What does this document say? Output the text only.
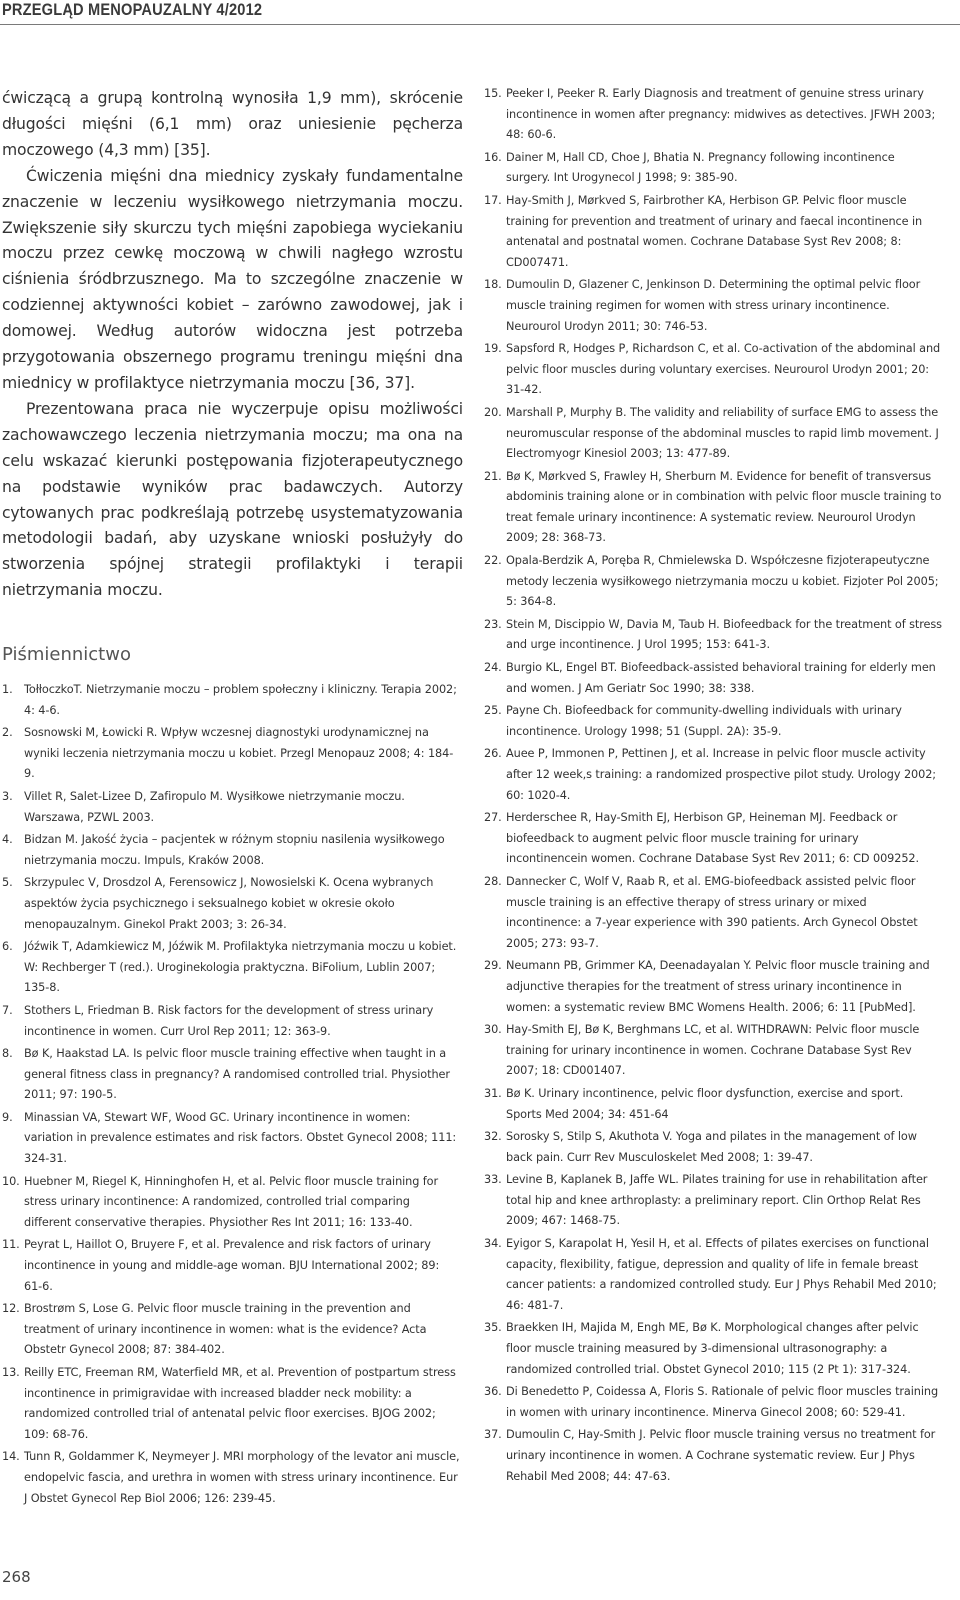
PRZEGLĄD MENOPAUZALNY 4/2012

ćwiczącą a grupą kontrolną wynosiła 1,9 mm), skrócenie długości mięśni (6,1 mm) oraz uniesienie pęcherza moczowego (4,3 mm) [35].

Ćwiczenia mięśni dna miednicy zyskały fundamentalne znaczenie w leczeniu wysiłkowego nietrzymania moczu. Zwiększenie siły skurczu tych mięśni zapobiega wyciekaniu moczu przez cewkę moczową w chwili nagłego wzrostu ciśnienia śródbrzusznego. Ma to szczególne znaczenie w codziennej aktywności kobiet – zarówno zawodowej, jak i domowej. Według autorów widoczna jest potrzeba przygotowania obszernego programu treningu mięśni dna miednicy w profilaktyce nietrzymania moczu [36, 37].

Prezentowana praca nie wyczerpuje opisu możliwości zachowawczego leczenia nietrzymania moczu; ma ona na celu wskazać kierunki postępowania fizjoterapeutycznego na podstawie wyników prac badawczych. Autorzy cytowanych prac podkreślają potrzebę usystematyzowania metodologii badań, aby uzyskane wnioski posłużyły do stworzenia spójnej strategii profilaktyki i terapii nietrzymania moczu.

Piśmiennictwo
1. TołłoczkoT. Nietrzymanie moczu – problem społeczny i kliniczny. Terapia 2002; 4: 4-6.
2. Sosnowski M, Łowicki R. Wpływ wczesnej diagnostyki urodynamicznej na wyniki leczenia nietrzymania moczu u kobiet. Przegl Menopauz 2008; 4: 184-9.
3. Villet R, Salet-Lizee D, Zafiropulo M. Wysiłkowe nietrzymanie moczu. Warszawa, PZWL 2003.
4. Bidzan M. Jakość życia – pacjentek w różnym stopniu nasilenia wysiłkowego nietrzymania moczu. Impuls, Kraków 2008.
5. Skrzypulec V, Drosdzol A, Ferensowicz J, Nowosielski K. Ocena wybranych aspektów życia psychicznego i seksualnego kobiet w okresie około menopauzalnym. Ginekol Prakt 2003; 3: 26-34.
6. Jóźwik T, Adamkiewicz M, Jóźwik M. Profilaktyka nietrzymania moczu u kobiet. W: Rechberger T (red.). Uroginekologia praktyczna. BiFolium, Lublin 2007; 135-8.
7. Stothers L, Friedman B. Risk factors for the development of stress urinary incontinence in women. Curr Urol Rep 2011; 12: 363-9.
8. Bø K, Haakstad LA. Is pelvic floor muscle training effective when taught in a general fitness class in pregnancy? A randomised controlled trial. Physiother 2011; 97: 190-5.
9. Minassian VA, Stewart WF, Wood GC. Urinary incontinence in women: variation in prevalence estimates and risk factors. Obstet Gynecol 2008; 111: 324-31.
10. Huebner M, Riegel K, Hinninghofen H, et al. Pelvic floor muscle training for stress urinary incontinence: A randomized, controlled trial comparing different conservative therapies. Physiother Res Int 2011; 16: 133-40.
11. Peyrat L, Haillot O, Bruyere F, et al. Prevalence and risk factors of urinary incontinence in young and middle-age woman. BJU International 2002; 89: 61-6.
12. Brostrøm S, Lose G. Pelvic floor muscle training in the prevention and treatment of urinary incontinence in women: what is the evidence? Acta Obstetr Gynecol 2008; 87: 384-402.
13. Reilly ETC, Freeman RM, Waterfield MR, et al. Prevention of postpartum stress incontinence in primigravidae with increased bladder neck mobility: a randomized controlled trial of antenatal pelvic floor exercises. BJOG 2002; 109: 68-76.
14. Tunn R, Goldammer K, Neymeyer J. MRI morphology of the levator ani muscle, endopelvic fascia, and urethra in women with stress urinary incontinence. Eur J Obstet Gynecol Rep Biol 2006; 126: 239-45.
15. Peeker I, Peeker R. Early Diagnosis and treatment of genuine stress urinary incontinence in women after pregnancy: midwives as detectives. JFWH 2003; 48: 60-6.
16. Dainer M, Hall CD, Choe J, Bhatia N. Pregnancy following incontinence surgery. Int Urogynecol J 1998; 9: 385-90.
17. Hay-Smith J, Mørkved S, Fairbrother KA, Herbison GP. Pelvic floor muscle training for prevention and treatment of urinary and faecal incontinence in antenatal and postnatal women. Cochrane Database Syst Rev 2008; 8: CD007471.
18. Dumoulin D, Glazener C, Jenkinson D. Determining the optimal pelvic floor muscle training regimen for women with stress urinary incontinence. Neurourol Urodyn 2011; 30: 746-53.
19. Sapsford R, Hodges P, Richardson C, et al. Co-activation of the abdominal and pelvic floor muscles during voluntary exercises. Neurourol Urodyn 2001; 20: 31-42.
20. Marshall P, Murphy B. The validity and reliability of surface EMG to assess the neuromuscular response of the abdominal muscles to rapid limb movement. J Electromyogr Kinesiol 2003; 13: 477-89.
21. Bø K, Mørkved S, Frawley H, Sherburn M. Evidence for benefit of transversus abdominis training alone or in combination with pelvic floor muscle training to treat female urinary incontinence: A systematic review. Neurourol Urodyn 2009; 28: 368-73.
22. Opala-Berdzik A, Poręba R, Chmielewska D. Współczesne fizjoterapeutyczne metody leczenia wysiłkowego nietrzymania moczu u kobiet. Fizjoter Pol 2005; 5: 364-8.
23. Stein M, Discippio W, Davia M, Taub H. Biofeedback for the treatment of stress and urge incontinence. J Urol 1995; 153: 641-3.
24. Burgio KL, Engel BT. Biofeedback-assisted behavioral training for elderly men and women. J Am Geriatr Soc 1990; 38: 338.
25. Payne Ch. Biofeedback for community-dwelling individuals with urinary incontinence. Urology 1998; 51 (Suppl. 2A): 35-9.
26. Auee P, Immonen P, Pettinen J, et al. Increase in pelvic floor muscle activity after 12 week,s training: a randomized prospective pilot study. Urology 2002; 60: 1020-4.
27. Herderschee R, Hay-Smith EJ, Herbison GP, Heineman MJ. Feedback or biofeedback to augment pelvic floor muscle training for urinary incontinencein women. Cochrane Database Syst Rev 2011; 6: CD 009252.
28. Dannecker C, Wolf V, Raab R, et al. EMG-biofeedback assisted pelvic floor muscle training is an effective therapy of stress urinary or mixed incontinence: a 7-year experience with 390 patients. Arch Gynecol Obstet 2005; 273: 93-7.
29. Neumann PB, Grimmer KA, Deenadayalan Y. Pelvic floor muscle training and adjunctive therapies for the treatment of stress urinary incontinence in women: a systematic review BMC Womens Health. 2006; 6: 11 [PubMed].
30. Hay-Smith EJ, Bø K, Berghmans LC, et al. WITHDRAWN: Pelvic floor muscle training for urinary incontinence in women. Cochrane Database Syst Rev 2007; 18: CD001407.
31. Bø K. Urinary incontinence, pelvic floor dysfunction, exercise and sport. Sports Med 2004; 34: 451-64
32. Sorosky S, Stilp S, Akuthota V. Yoga and pilates in the management of low back pain. Curr Rev Musculoskelet Med 2008; 1: 39-47.
33. Levine B, Kaplanek B, Jaffe WL. Pilates training for use in rehabilitation after total hip and knee arthroplasty: a preliminary report. Clin Orthop Relat Res 2009; 467: 1468-75.
34. Eyigor S, Karapolat H, Yesil H, et al. Effects of pilates exercises on functional capacity, flexibility, fatigue, depression and quality of life in female breast cancer patients: a randomized controlled study. Eur J Phys Rehabil Med 2010; 46: 481-7.
35. Braekken IH, Majida M, Engh ME, Bø K. Morphological changes after pelvic floor muscle training measured by 3-dimensional ultrasonography: a randomized controlled trial. Obstet Gynecol 2010; 115 (2 Pt 1): 317-324.
36. Di Benedetto P, Coidessa A, Floris S. Rationale of pelvic floor muscles training in women with urinary incontinence. Minerva Ginecol 2008; 60: 529-41.
37. Dumoulin C, Hay-Smith J. Pelvic floor muscle training versus no treatment for urinary incontinence in women. A Cochrane systematic review. Eur J Phys Rehabil Med 2008; 44: 47-63.
268
